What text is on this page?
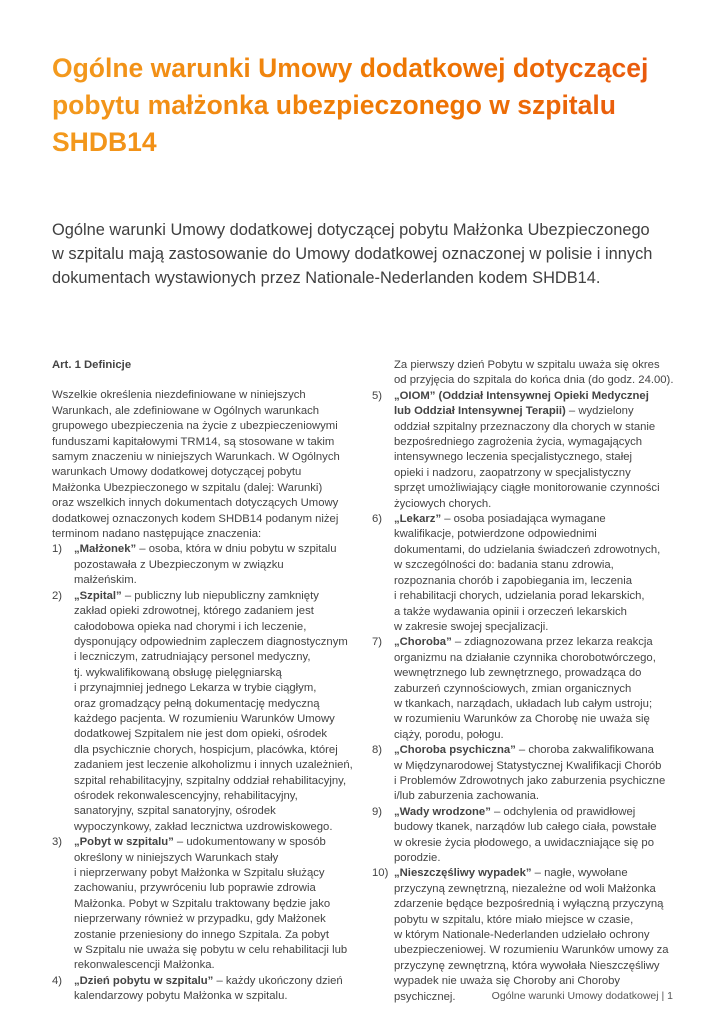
Ogólne warunki Umowy dodatkowej dotyczącej
pobytu małżonka ubezpieczonego w szpitalu
SHDB14

Ogólne warunki Umowy dodatkowej dotyczącej pobytu Małżonka Ubezpieczonego
w szpitalu mają zastosowanie do Umowy dodatkowej oznaczonej w polisie i innych
dokumentach wystawionych przez Nationale-Nederlanden kodem SHDB14.

Art. 1 Definicje
Wszelkie określenia niezdefiniowane w niniejszych
Warunkach, ale zdefiniowane w Ogólnych warunkach
grupowego ubezpieczenia na życie z ubezpieczeniowymi
funduszami kapitałowymi TRM14, są stosowane w takim
samym znaczeniu w niniejszych Warunkach. W Ogólnych
warunkach Umowy dodatkowej dotyczącej pobytu
Małżonka Ubezpieczonego w szpitalu (dalej: Warunki)
oraz wszelkich innych dokumentach dotyczących Umowy
dodatkowej oznaczonych kodem SHDB14 podanym niżej
terminom nadano następujące znaczenia:
1) „Małżonek” – osoba, która w dniu pobytu w szpitalu
pozostawała z Ubezpieczonym w związku
małżeńskim.
2) „Szpital” – publiczny lub niepubliczny zamknięty
zakład opieki zdrowotnej, którego zadaniem jest
całodobowa opieka nad chorymi i ich leczenie,
dysponujący odpowiednim zapleczem diagnostycznym
i leczniczym, zatrudniający personel medyczny,
tj. wykwalifikowaną obsługę pielęgniarską
i przynajmniej jednego Lekarza w trybie ciągłym,
oraz gromadzący pełną dokumentację medyczną
każdego pacjenta. W rozumieniu Warunków Umowy
dodatkowej Szpitalem nie jest dom opieki, ośrodek
dla psychicznie chorych, hospicjum, placówka, której
zadaniem jest leczenie alkoholizmu i innych uzależnień,
szpital rehabilitacyjny, szpitalny oddział rehabilitacyjny,
ośrodek rekonwalescencyjny, rehabilitacyjny,
sanatoryjny, szpital sanatoryjny, ośrodek
wypoczynkowy, zakład lecznictwa uzdrowiskowego.
3) „Pobyt w szpitalu” – udokumentowany w sposób
określony w niniejszych Warunkach stały
i nieprzerwany pobyt Małżonka w Szpitalu służący
zachowaniu, przywróceniu lub poprawie zdrowia
Małżonka. Pobyt w Szpitalu traktowany będzie jako
nieprzerwany również w przypadku, gdy Małżonek
zostanie przeniesiony do innego Szpitala. Za pobyt
w Szpitalu nie uważa się pobytu w celu rehabilitacji lub
rekonwalescencji Małżonka.
4) „Dzień pobytu w szpitalu” – każdy ukończony dzień
kalendarzowy pobytu Małżonka w szpitalu.
Za pierwszy dzień Pobytu w szpitalu uważa się okres
od przyjęcia do szpitala do końca dnia (do godz. 24.00).
5) „OIOM” (Oddział Intensywnej Opieki Medycznej
lub Oddział Intensywnej Terapii) – wydzielony
oddział szpitalny przeznaczony dla chorych w stanie
bezpośredniego zagrożenia życia, wymagających
intensywnego leczenia specjalistycznego, stałej
opieki i nadzoru, zaopatrzony w specjalistyczny
sprzęt umożliwiający ciągłe monitorowanie czynności
życiowych chorych.
6) „Lekarz” – osoba posiadająca wymagane
kwalifikacje, potwierdzone odpowiednimi
dokumentami, do udzielania świadczeń zdrowotnych,
w szczególności do: badania stanu zdrowia,
rozpoznania chorób i zapobiegania im, leczenia
i rehabilitacji chorych, udzielania porad lekarskich,
a także wydawania opinii i orzeczeń lekarskich
w zakresie swojej specjalizacji.
7) „Choroba” – zdiagnozowana przez lekarza reakcja
organizmu na działanie czynnika chorobotwórczego,
wewnętrznego lub zewnętrznego, prowadząca do
zaburzeń czynnościowych, zmian organicznych
w tkankach, narządach, układach lub całym ustroju;
w rozumieniu Warunków za Chorobę nie uważa się
ciąży, porodu, połogu.
8) „Choroba psychiczna” – choroba zakwalifikowana
w Międzynarodowej Statystycznej Kwalifikacji Chorób
i Problemów Zdrowotnych jako zaburzenia psychiczne
i/lub zaburzenia zachowania.
9) „Wady wrodzone” – odchylenia od prawidłowej
budowy tkanek, narządów lub całego ciała, powstałe
w okresie życia płodowego, a uwidaczniające się po
porodzie.
10) „Nieszczęśliwy wypadek” – nagłe, wywołane
przyczyną zewnętrzną, niezależne od woli Małżonka
zdarzenie będące bezpośrednią i wyłączną przyczyną
pobytu w szpitalu, które miało miejsce w czasie,
w którym Nationale-Nederlanden udzielało ochrony
ubezpieczeniowej. W rozumieniu Warunków umowy za
przyczynę zewnętrzną, która wywołała Nieszczęśliwy
wypadek nie uważa się Choroby ani Choroby
psychicznej.	Ogólne warunki Umowy dodatkowej | 1
